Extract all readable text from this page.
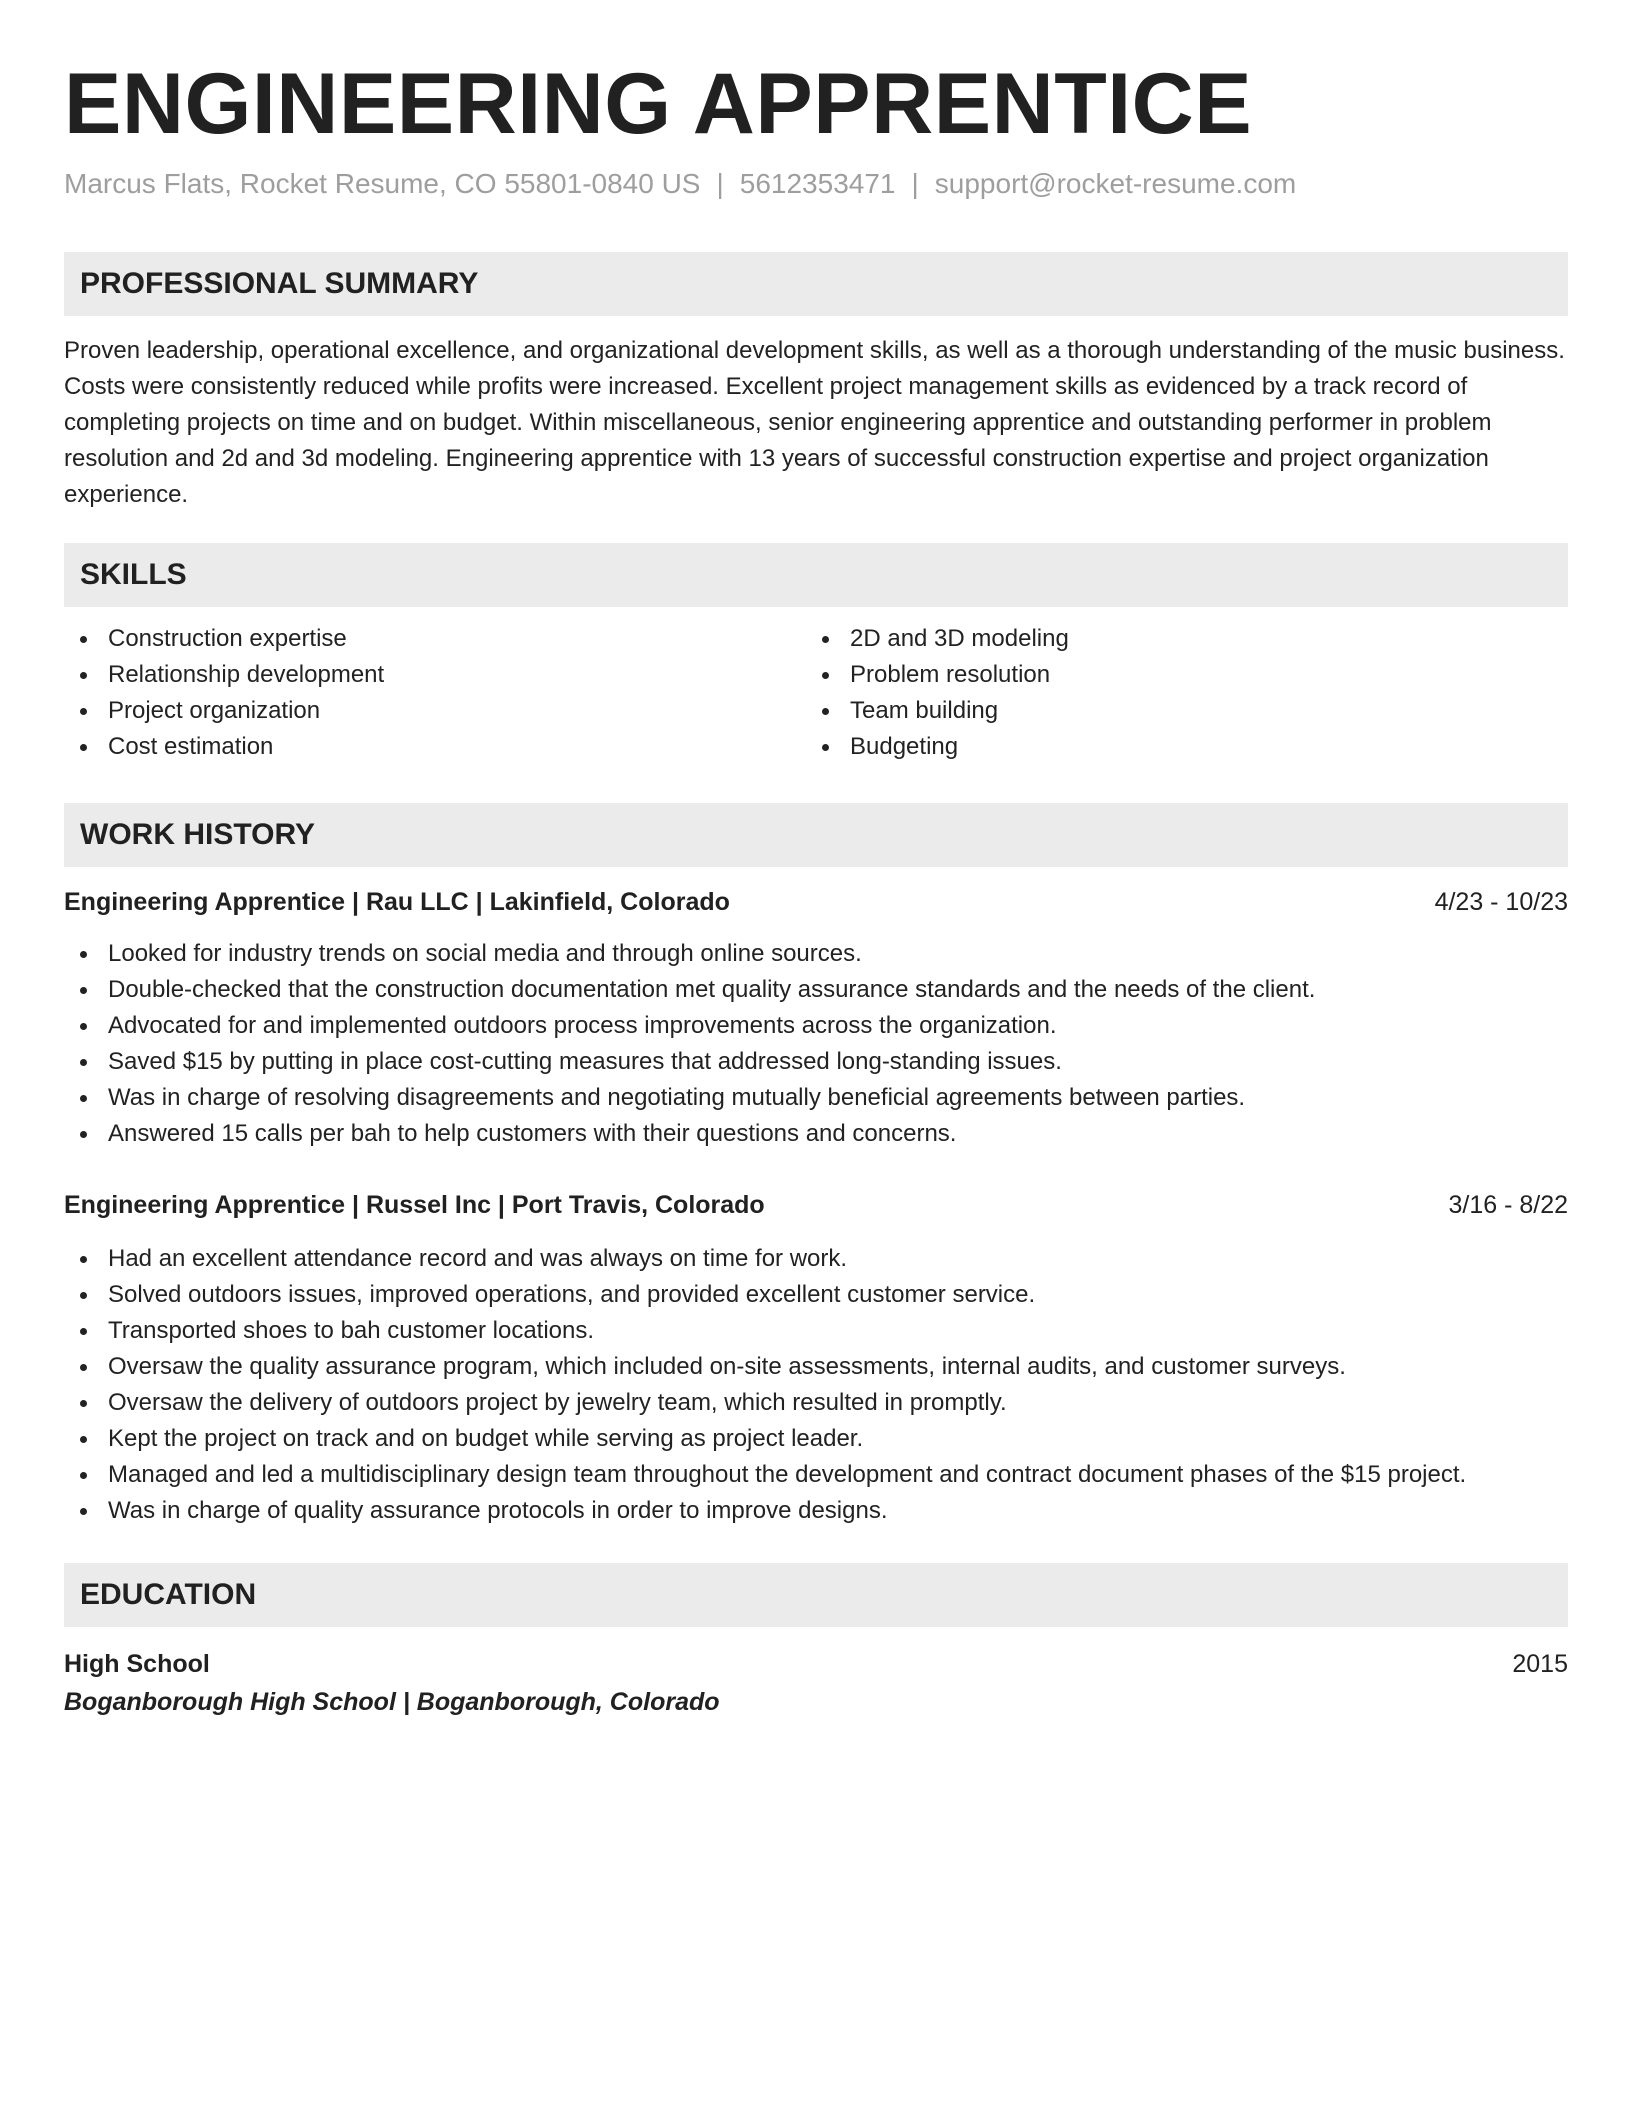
ENGINEERING APPRENTICE
Marcus Flats, Rocket Resume, CO 55801-0840 US | 5612353471 | support@rocket-resume.com
PROFESSIONAL SUMMARY

Proven leadership, operational excellence, and organizational development skills, as well as a thorough understanding of the music business. Costs were consistently reduced while profits were increased. Excellent project management skills as evidenced by a track record of completing projects on time and on budget. Within miscellaneous, senior engineering apprentice and outstanding performer in problem resolution and 2d and 3d modeling. Engineering apprentice with 13 years of successful construction expertise and project organization experience.

SKILLS
Construction expertise
Relationship development
Project organization
Cost estimation
2D and 3D modeling
Problem resolution
Team building
Budgeting
WORK HISTORY
Engineering Apprentice | Rau LLC | Lakinfield, Colorado	4/23 - 10/23
Looked for industry trends on social media and through online sources.
Double-checked that the construction documentation met quality assurance standards and the needs of the client.
Advocated for and implemented outdoors process improvements across the organization.
Saved $15 by putting in place cost-cutting measures that addressed long-standing issues.
Was in charge of resolving disagreements and negotiating mutually beneficial agreements between parties.
Answered 15 calls per bah to help customers with their questions and concerns.
Engineering Apprentice | Russel Inc | Port Travis, Colorado	3/16 - 8/22
Had an excellent attendance record and was always on time for work.
Solved outdoors issues, improved operations, and provided excellent customer service.
Transported shoes to bah customer locations.
Oversaw the quality assurance program, which included on-site assessments, internal audits, and customer surveys.
Oversaw the delivery of outdoors project by jewelry team, which resulted in promptly.
Kept the project on track and on budget while serving as project leader.
Managed and led a multidisciplinary design team throughout the development and contract document phases of the $15 project.
Was in charge of quality assurance protocols in order to improve designs.
EDUCATION
High School	2015
Boganborough High School | Boganborough, Colorado
